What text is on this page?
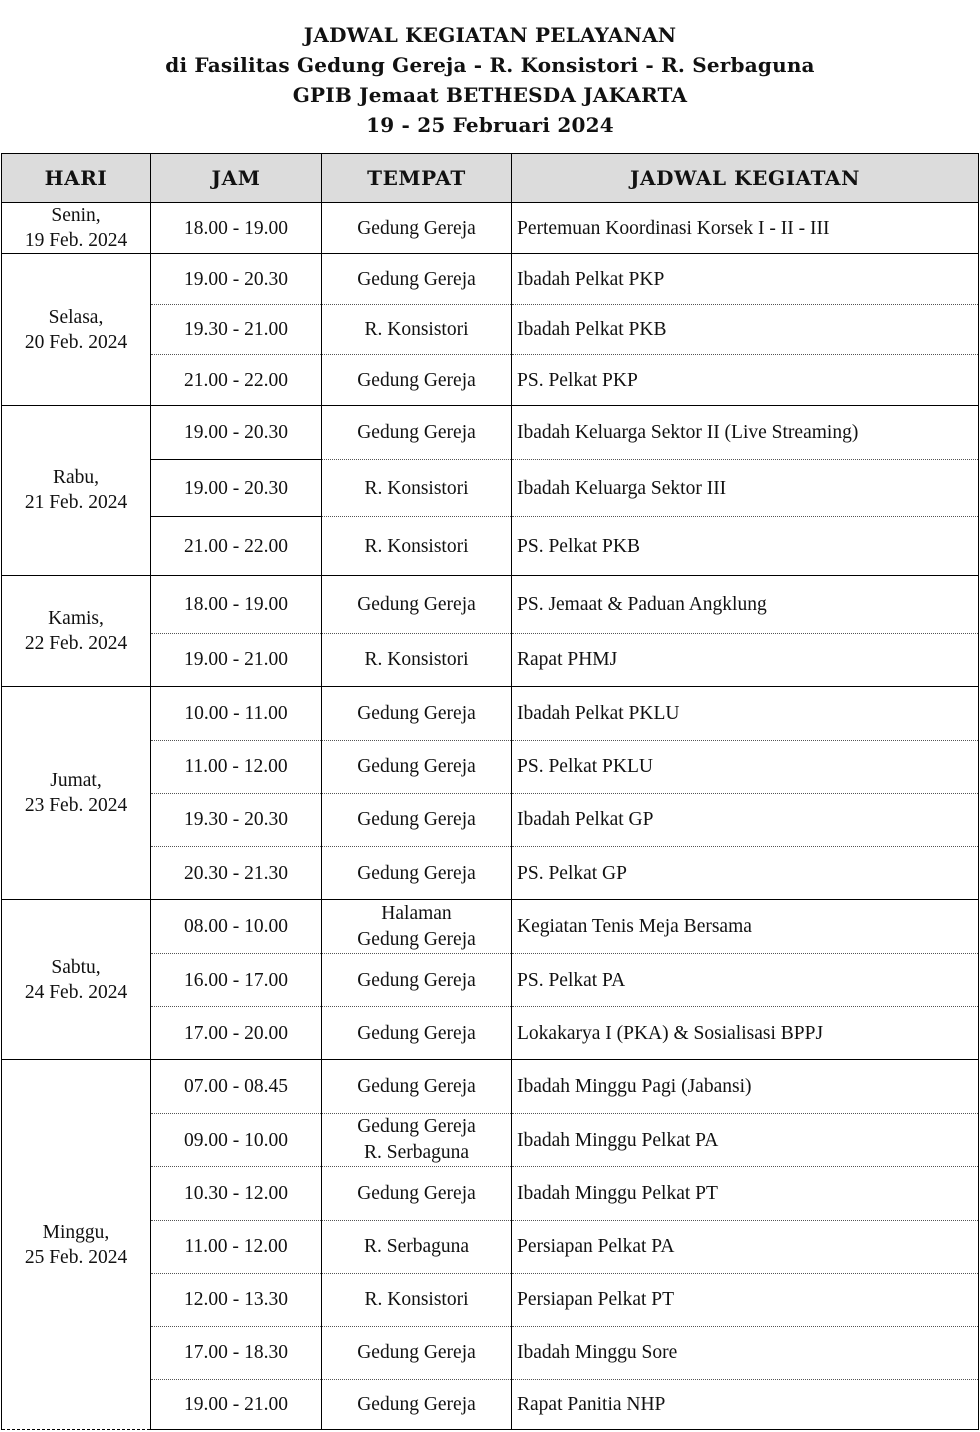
JADWAL KEGIATAN PELAYANAN
di Fasilitas Gedung Gereja - R. Konsistori - R. Serbaguna
GPIB Jemaat BETHESDA JAKARTA
19 - 25 Februari 2024
HARI	JAM	TEMPAT	JADWAL KEGIATAN
Senin,
19 Feb. 2024	18.00 - 19.00	Gedung Gereja	Pertemuan Koordinasi Korsek I - II - III
Selasa,
20 Feb. 2024	19.00 - 20.30	Gedung Gereja	Ibadah Pelkat PKP
	19.30 - 21.00	R. Konsistori	Ibadah Pelkat PKB
	21.00 - 22.00	Gedung Gereja	PS. Pelkat PKP
Rabu,
21 Feb. 2024	19.00 - 20.30	Gedung Gereja	Ibadah Keluarga Sektor II (Live Streaming)
	19.00 - 20.30	R. Konsistori	Ibadah Keluarga Sektor III
	21.00 - 22.00	R. Konsistori	PS. Pelkat PKB
Kamis,
22 Feb. 2024	18.00 - 19.00	Gedung Gereja	PS. Jemaat & Paduan Angklung
	19.00 - 21.00	R. Konsistori	Rapat PHMJ
Jumat,
23 Feb. 2024	10.00 - 11.00	Gedung Gereja	Ibadah Pelkat PKLU
	11.00 - 12.00	Gedung Gereja	PS. Pelkat PKLU
	19.30 - 20.30	Gedung Gereja	Ibadah Pelkat GP
	20.30 - 21.30	Gedung Gereja	PS. Pelkat GP
Sabtu,
24 Feb. 2024	08.00 - 10.00	Halaman
Gedung Gereja	Kegiatan Tenis Meja Bersama
	16.00 - 17.00	Gedung Gereja	PS. Pelkat PA
	17.00 - 20.00	Gedung Gereja	Lokakarya I (PKA) & Sosialisasi BPPJ
Minggu,
25 Feb. 2024	07.00 - 08.45	Gedung Gereja	Ibadah Minggu Pagi (Jabansi)
	09.00 - 10.00	Gedung Gereja
R. Serbaguna	Ibadah Minggu Pelkat PA
	10.30 - 12.00	Gedung Gereja	Ibadah Minggu Pelkat PT
	11.00 - 12.00	R. Serbaguna	Persiapan Pelkat PA
	12.00 - 13.30	R. Konsistori	Persiapan Pelkat PT
	17.00 - 18.30	Gedung Gereja	Ibadah Minggu Sore
	19.00 - 21.00	Gedung Gereja	Rapat Panitia NHP
